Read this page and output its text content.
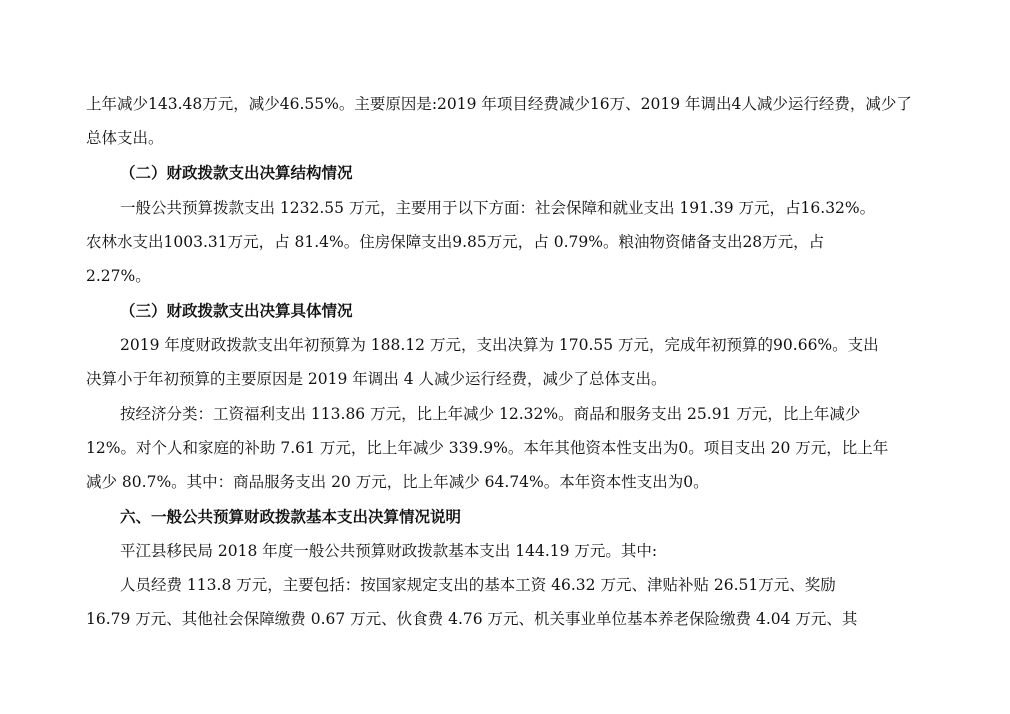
上年减少143.48万元，减少46.55%。主要原因是:2019 年项目经费减少16万、2019 年调出4人减少运行经费，减少了
总体支出。
（二）财政拨款支出决算结构情况
一般公共预算拨款支出 1232.55 万元，主要用于以下方面：社会保障和就业支出 191.39 万元，占16.32%。
农林水支出1003.31万元，占 81.4%。住房保障支出9.85万元，占 0.79%。粮油物资储备支出28万元，占
2.27%。
（三）财政拨款支出决算具体情况
2019 年度财政拨款支出年初预算为 188.12 万元，支出决算为 170.55 万元，完成年初预算的90.66%。支出
决算小于年初预算的主要原因是 2019 年调出 4 人减少运行经费，减少了总体支出。
按经济分类：工资福利支出 113.86 万元，比上年减少 12.32%。商品和服务支出 25.91 万元，比上年减少
12%。对个人和家庭的补助 7.61 万元，比上年减少 339.9%。本年其他资本性支出为0。项目支出 20 万元，比上年
减少 80.7%。其中：商品服务支出 20 万元，比上年减少 64.74%。本年资本性支出为0。
六、一般公共预算财政拨款基本支出决算情况说明
平江县移民局 2018 年度一般公共预算财政拨款基本支出 144.19 万元。其中:
人员经费 113.8 万元，主要包括：按国家规定支出的基本工资 46.32 万元、津贴补贴 26.51万元、奖励
16.79 万元、其他社会保障缴费 0.67 万元、伙食费 4.76 万元、机关事业单位基本养老保险缴费 4.04 万元、其
